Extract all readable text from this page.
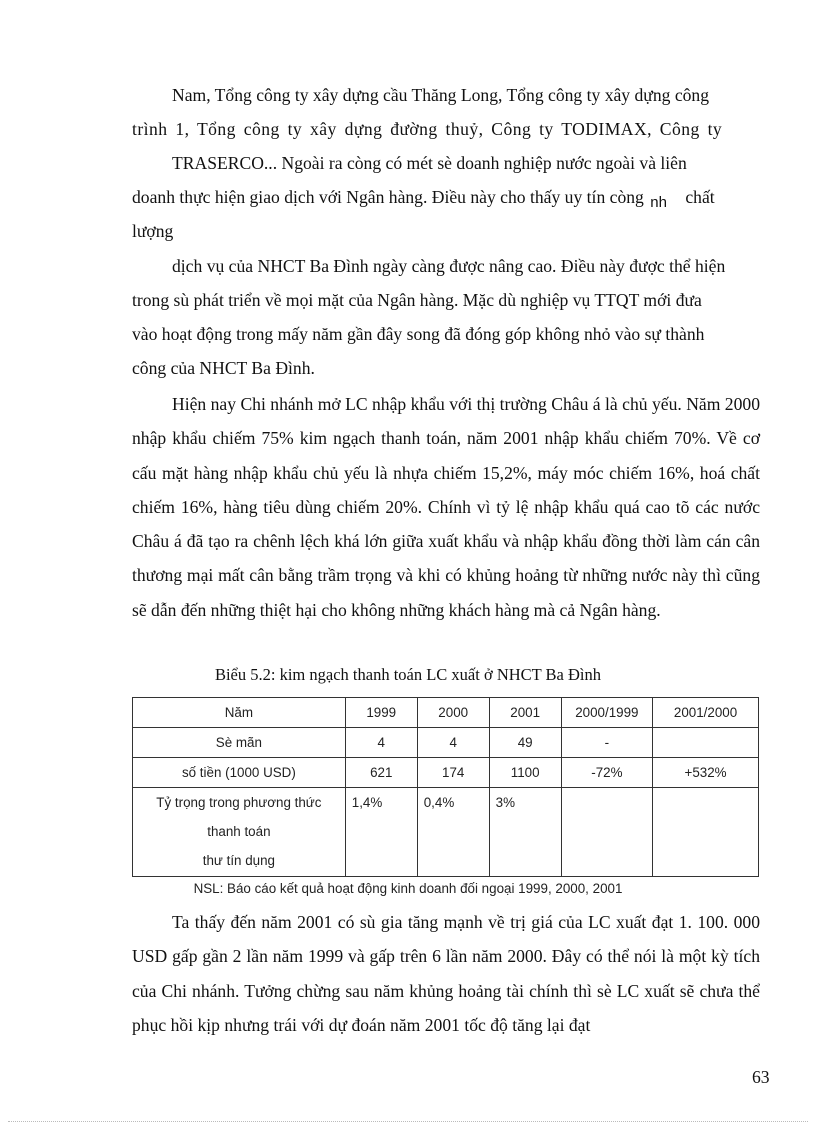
Nam, Tổng công ty xây dựng cầu Thăng Long, Tổng công ty xây dựng công
trình 1, Tổng công ty xây dựng đường thuỷ, Công ty TODIMAX, Công ty
TRASERCO... Ngoài ra còng có mét sè doanh nghiệp nước ngoài và liên
doanh thực hiện giao dịch với Ngân hàng. Điều này cho thấy uy tín còng nh chất
lượng
dịch vụ của NHCT Ba Đình ngày càng được nâng cao. Điều này được thể hiện
trong sù phát triển về mọi mặt của Ngân hàng. Mặc dù nghiệp vụ TTQT mới đưa
vào hoạt động trong mấy năm gần đây song đã đóng góp không nhỏ vào sự thành
công của NHCT Ba Đình.

Hiện nay Chi nhánh mở LC nhập khẩu với thị trường Châu á là chủ yếu. Năm 2000 nhập khẩu chiếm 75% kim ngạch thanh toán, năm 2001 nhập khẩu chiếm 70%. Về cơ cấu mặt hàng nhập khẩu chủ yếu là nhựa chiếm 15,2%, máy móc chiếm 16%, hoá chất chiếm 16%, hàng tiêu dùng chiếm 20%. Chính vì tỷ lệ nhập khẩu quá cao tõ các nước Châu á đã tạo ra chênh lệch khá lớn giữa xuất khẩu và nhập khẩu đồng thời làm cán cân thương mại mất cân bằng trầm trọng và khi có khủng hoảng từ những nước này thì cũng sẽ dẫn đến những thiệt hại cho không những khách hàng mà cả Ngân hàng.

Biểu 5.2: kim ngạch thanh toán LC xuất ở NHCT Ba Đình
Năm	1999	2000	2001	2000/1999	2001/2000
Sè mãn	4	4	49	-	
số tiền (1000 USD)	621	174	1100	-72%	+532%

Tỷ trọng trong phương thức
thanh toán
thư tín dụng	1,4%	0,4%	3%		
NSL: Báo cáo kết quả hoạt động kinh doanh đối ngoại 1999, 2000, 2001

Ta thấy đến năm 2001 có sù gia tăng mạnh về trị giá của LC xuất đạt 1. 100. 000 USD gấp gần 2 lần năm 1999 và gấp trên 6 lần năm 2000. Đây có thể nói là một kỳ tích của Chi nhánh. Tưởng chừng sau năm khủng hoảng tài chính thì sè LC xuất sẽ chưa thể phục hồi kịp nhưng trái với dự đoán năm 2001 tốc độ tăng lại đạt

63
